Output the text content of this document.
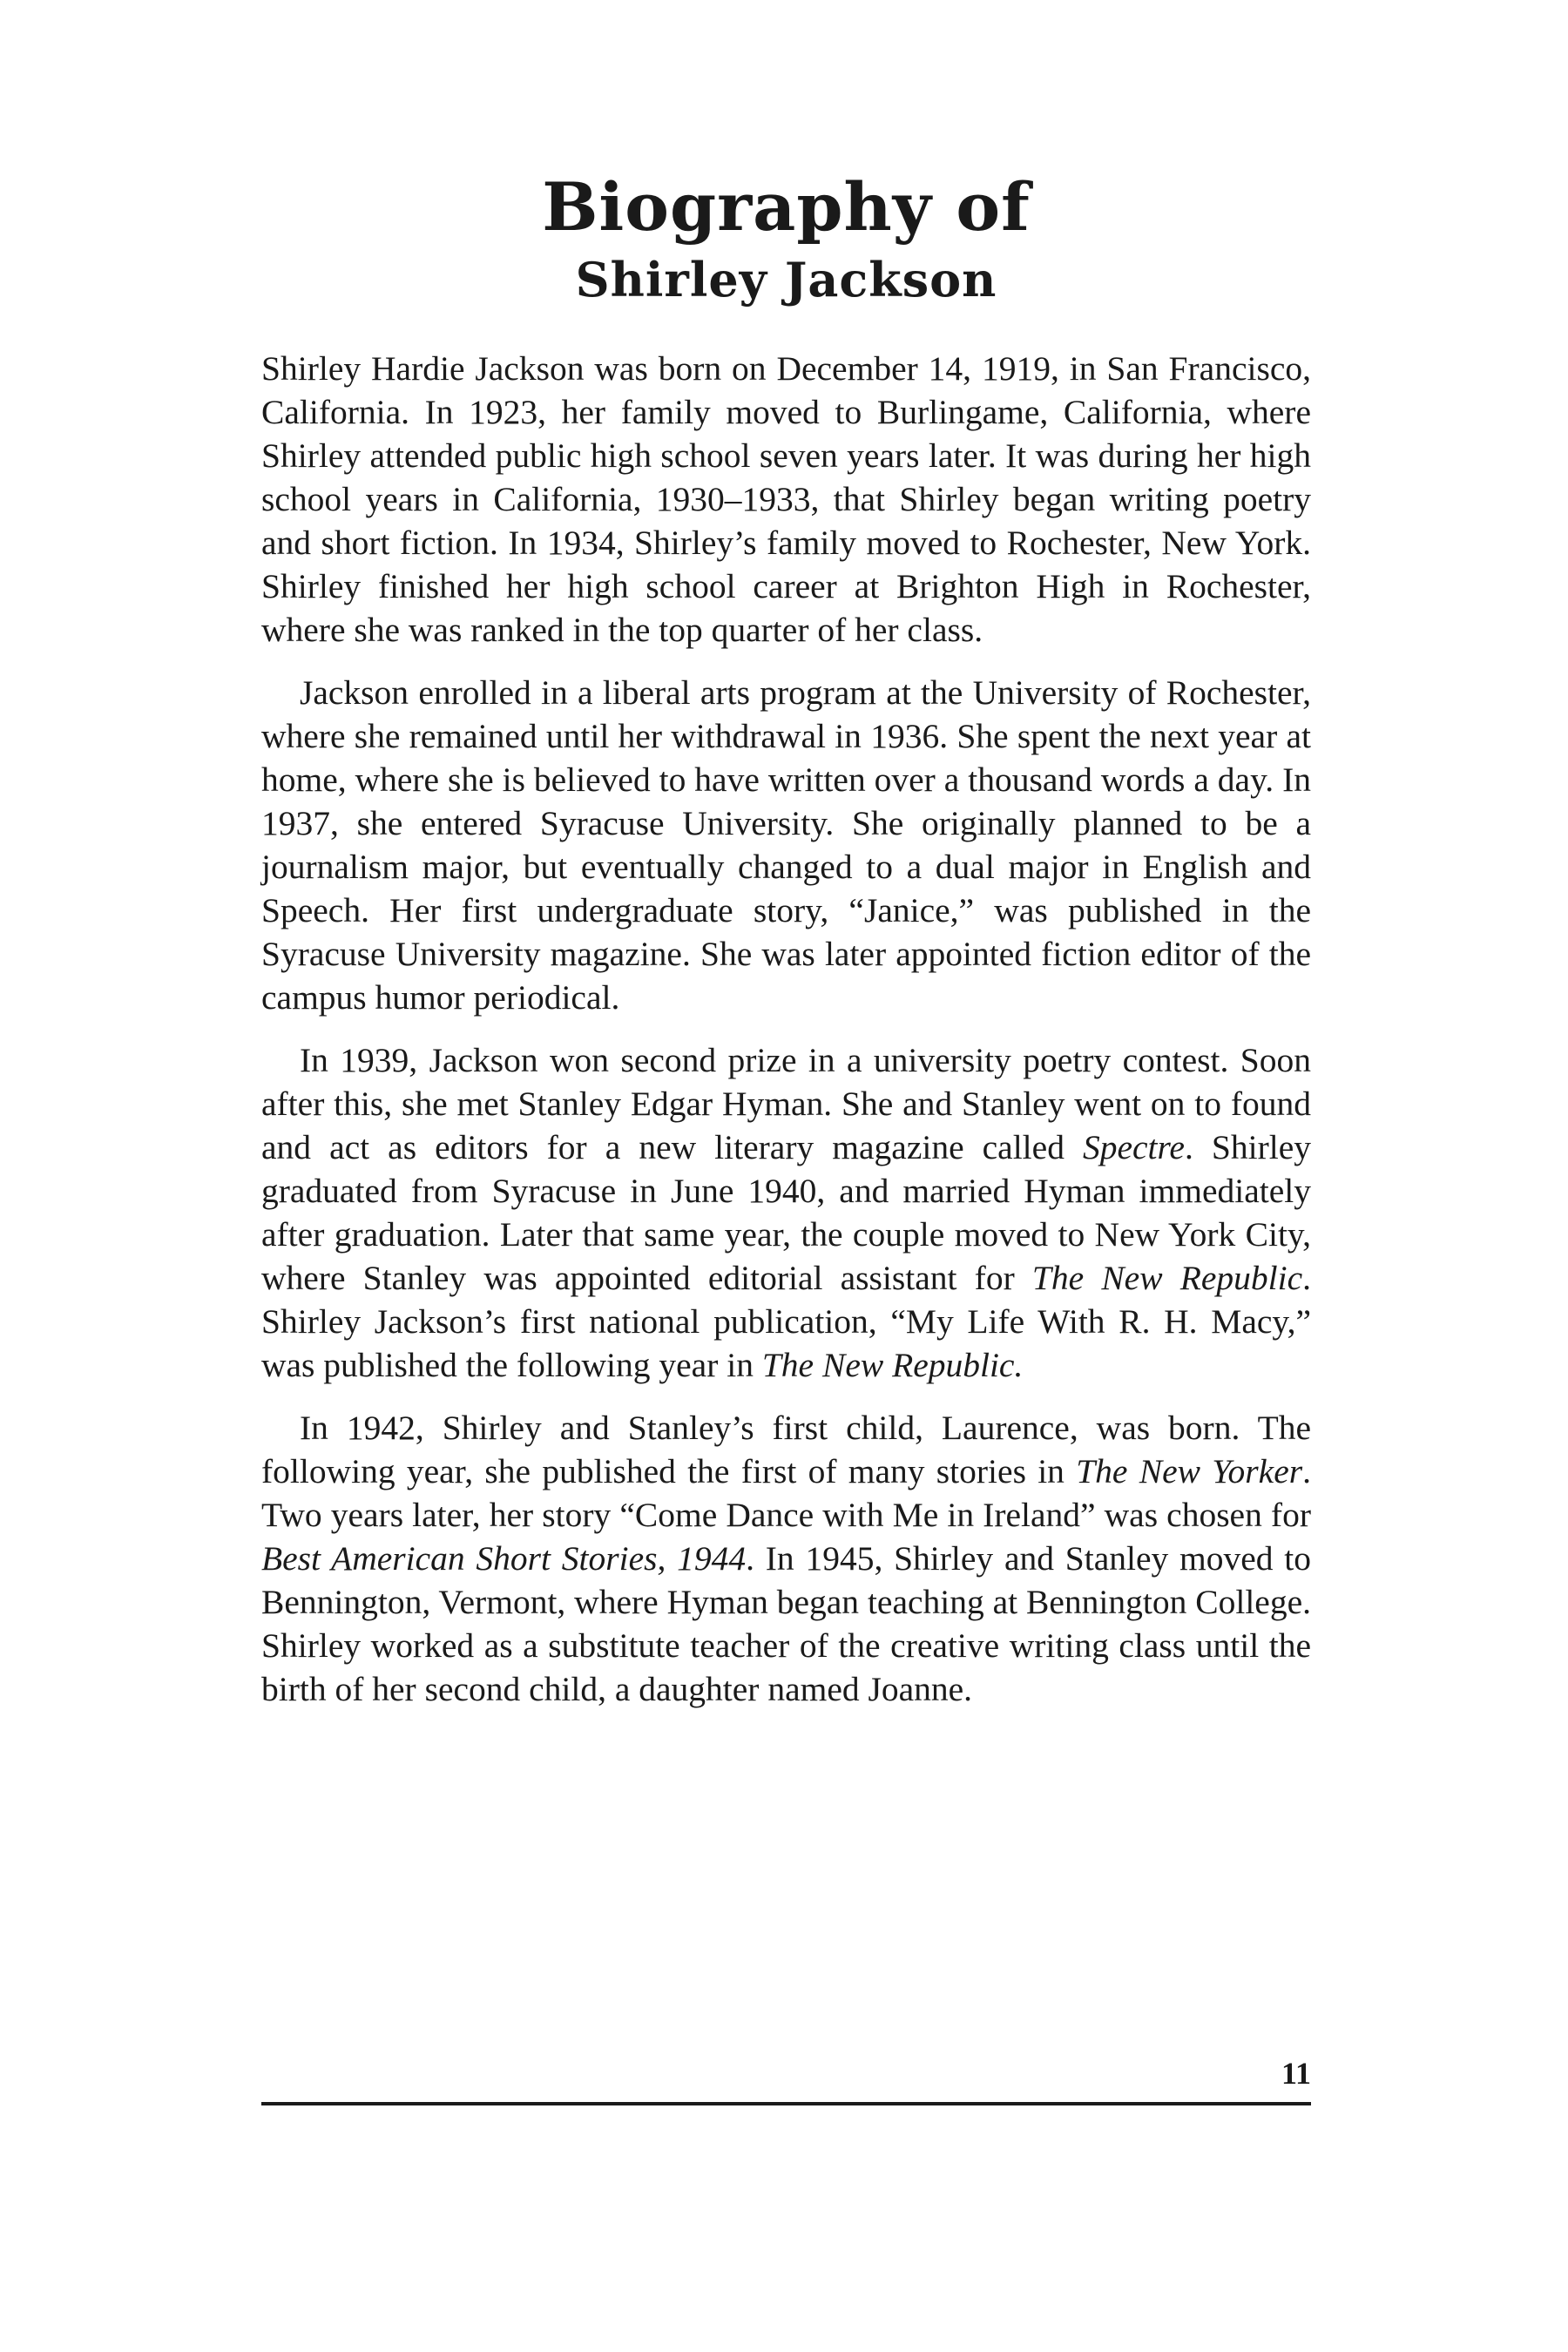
Biography of
Shirley Jackson

Shirley Hardie Jackson was born on December 14, 1919, in San Francisco, California. In 1923, her family moved to Burlingame, California, where Shirley attended public high school seven years later. It was during her high school years in California, 1930–1933, that Shirley began writing poetry and short fiction. In 1934, Shirley’s family moved to Rochester, New York. Shirley finished her high school career at Brighton High in Rochester, where she was ranked in the top quarter of her class.

Jackson enrolled in a liberal arts program at the University of Rochester, where she remained until her withdrawal in 1936. She spent the next year at home, where she is believed to have written over a thousand words a day. In 1937, she entered Syracuse University. She originally planned to be a journalism major, but eventually changed to a dual major in English and Speech. Her first undergraduate story, “Janice,” was published in the Syracuse University magazine. She was later appointed fiction editor of the campus humor periodical.

In 1939, Jackson won second prize in a university poetry contest. Soon after this, she met Stanley Edgar Hyman. She and Stanley went on to found and act as editors for a new literary magazine called Spectre. Shirley graduated from Syracuse in June 1940, and married Hyman immediately after graduation. Later that same year, the couple moved to New York City, where Stanley was appointed editorial assistant for The New Republic. Shirley Jackson’s first national publication, “My Life With R. H. Macy,” was published the following year in The New Republic.

In 1942, Shirley and Stanley’s first child, Laurence, was born. The following year, she published the first of many stories in The New Yorker. Two years later, her story “Come Dance with Me in Ireland” was chosen for Best American Short Stories, 1944. In 1945, Shirley and Stanley moved to Bennington, Vermont, where Hyman began teaching at Bennington College. Shirley worked as a substitute teacher of the creative writing class until the birth of her second child, a daughter named Joanne.

11
